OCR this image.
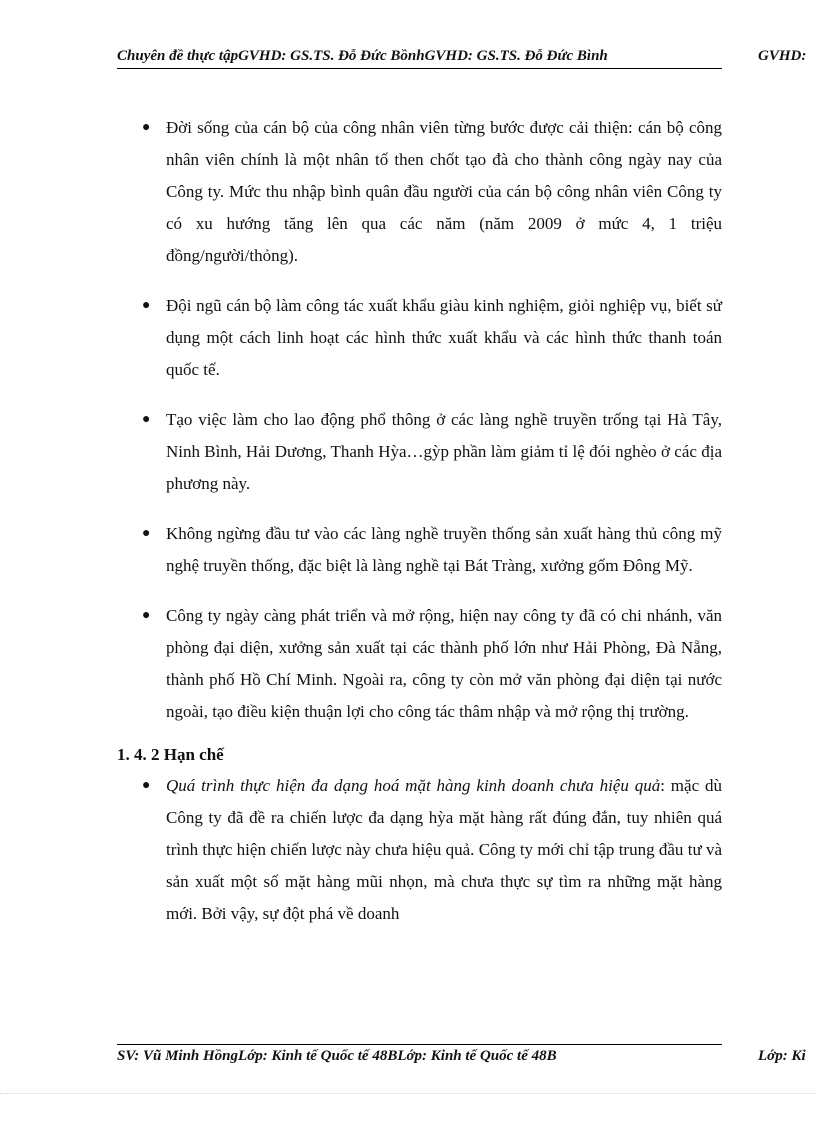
Chuyên đề thực tậpGVHD: GS.TS. Đỗ Đức BồnhGVHD: GS.TS. Đỗ Đức Bình	GVHD:
● Đời sống của cán bộ của công nhân viên từng bước được cải thiện: cán bộ công nhân viên chính là một nhân tố then chốt tạo đà cho thành công ngày nay của Công ty. Mức thu nhập bình quân đầu người của cán bộ công nhân viên Công ty có xu hướng tăng lên qua các năm (năm 2009 ở mức 4, 1 triệu đồng/người/thỏng).
● Đội ngũ cán bộ làm công tác xuất khẩu giàu kinh nghiệm, giỏi nghiệp vụ, biết sử dụng một cách linh hoạt các hình thức xuất khẩu và các hình thức thanh toán quốc tế.
● Tạo việc làm cho lao động phổ thông ở các làng nghề truyền trống tại Hà Tây, Ninh Bình, Hải Dương, Thanh Hỳa…gỳp phần làm giảm tỉ lệ đói nghèo ở các địa phương này.
● Không ngừng đầu tư vào các làng nghề truyền thống sản xuất hàng thủ công mỹ nghệ truyền thống, đặc biệt là làng nghề tại Bát Tràng, xưởng gốm Đông Mỹ.
● Công ty ngày càng phát triển và mở rộng, hiện nay công ty đã có chi nhánh, văn phòng đại diện, xưởng sản xuất tại các thành phố lớn như Hải Phòng, Đà Nẵng, thành phố Hồ Chí Minh. Ngoài ra, công ty còn mở văn phòng đại diện tại nước ngoài, tạo điều kiện thuận lợi cho công tác thâm nhập và mở rộng thị trường.
1. 4. 2 Hạn chế
● Quá trình thực hiện đa dạng hoá mặt hàng kinh doanh chưa hiệu quả: mặc dù Công ty đã đề ra chiến lược đa dạng hỳa mặt hàng rất đúng đắn, tuy nhiên quá trình thực hiện chiến lược này chưa hiệu quả. Công ty mới chỉ tập trung đầu tư và sản xuất một số mặt hàng mũi nhọn, mà chưa thực sự tìm ra những mặt hàng mới. Bởi vậy, sự đột phá về doanh
SV: Vũ Minh HồngLớp: Kinh tế Quốc tế 48BLớp: Kinh tế Quốc tế 48B	Lớp: Ki
